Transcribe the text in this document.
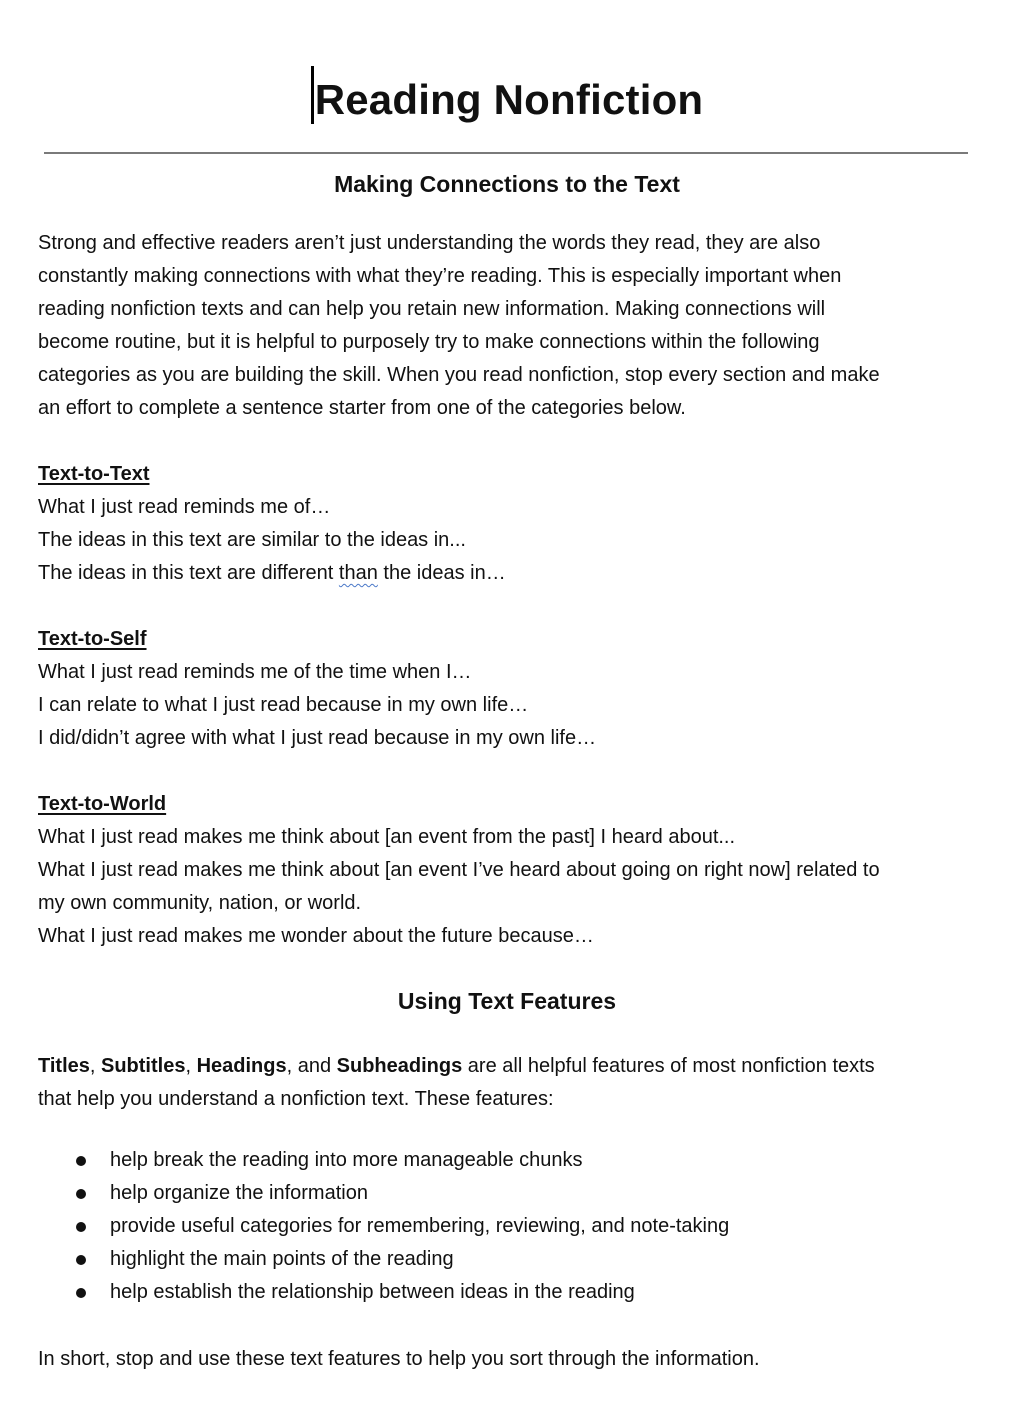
Reading Nonfiction
Making Connections to the Text
Strong and effective readers aren’t just understanding the words they read, they are also
constantly making connections with what they’re reading. This is especially important when
reading nonfiction texts and can help you retain new information. Making connections will
become routine, but it is helpful to purposely try to make connections within the following
categories as you are building the skill. When you read nonfiction, stop every section and make
an effort to complete a sentence starter from one of the categories below.
Text-to-Text
What I just read reminds me of…
The ideas in this text are similar to the ideas in...
The ideas in this text are different than the ideas in…
Text-to-Self
What I just read reminds me of the time when I…
I can relate to what I just read because in my own life…
I did/didn’t agree with what I just read because in my own life…
Text-to-World
What I just read makes me think about [an event from the past] I heard about...
What I just read makes me think about [an event I’ve heard about going on right now] related to
my own community, nation, or world.
What I just read makes me wonder about the future because…
Using Text Features
Titles, Subtitles, Headings, and Subheadings are all helpful features of most nonfiction texts
that help you understand a nonfiction text. These features:
help break the reading into more manageable chunks
help organize the information
provide useful categories for remembering, reviewing, and note-taking
highlight the main points of the reading
help establish the relationship between ideas in the reading
In short, stop and use these text features to help you sort through the information.
